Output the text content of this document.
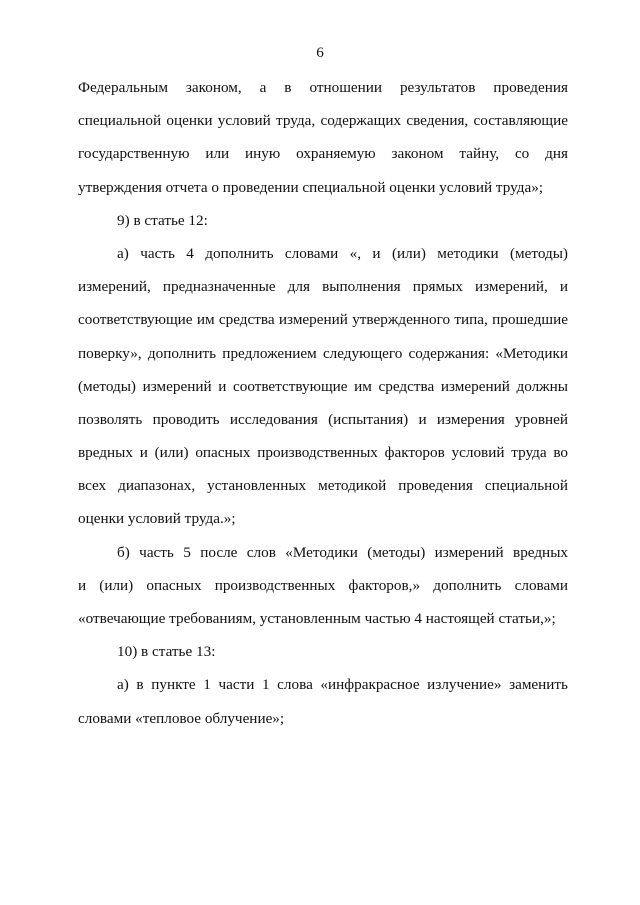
6
Федеральным законом, а в отношении результатов проведения
специальной оценки условий труда, содержащих сведения, составляющие
государственную или иную охраняемую законом тайну, со дня
утверждения отчета о проведении специальной оценки условий труда»;
9) в статье 12:
а) часть 4 дополнить словами «, и (или) методики (методы)
измерений, предназначенные для выполнения прямых измерений, и
соответствующие им средства измерений утвержденного типа, прошедшие
поверку», дополнить предложением следующего содержания: «Методики
(методы) измерений и соответствующие им средства измерений должны
позволять проводить исследования (испытания) и измерения уровней
вредных и (или) опасных производственных факторов условий труда во
всех диапазонах, установленных методикой проведения специальной
оценки условий труда.»;
б) часть 5 после слов «Методики (методы) измерений вредных
и (или) опасных производственных факторов,» дополнить словами
«отвечающие требованиям, установленным частью 4 настоящей статьи,»;
10) в статье 13:
а) в пункте 1 части 1 слова «инфракрасное излучение» заменить
словами «тепловое облучение»;
